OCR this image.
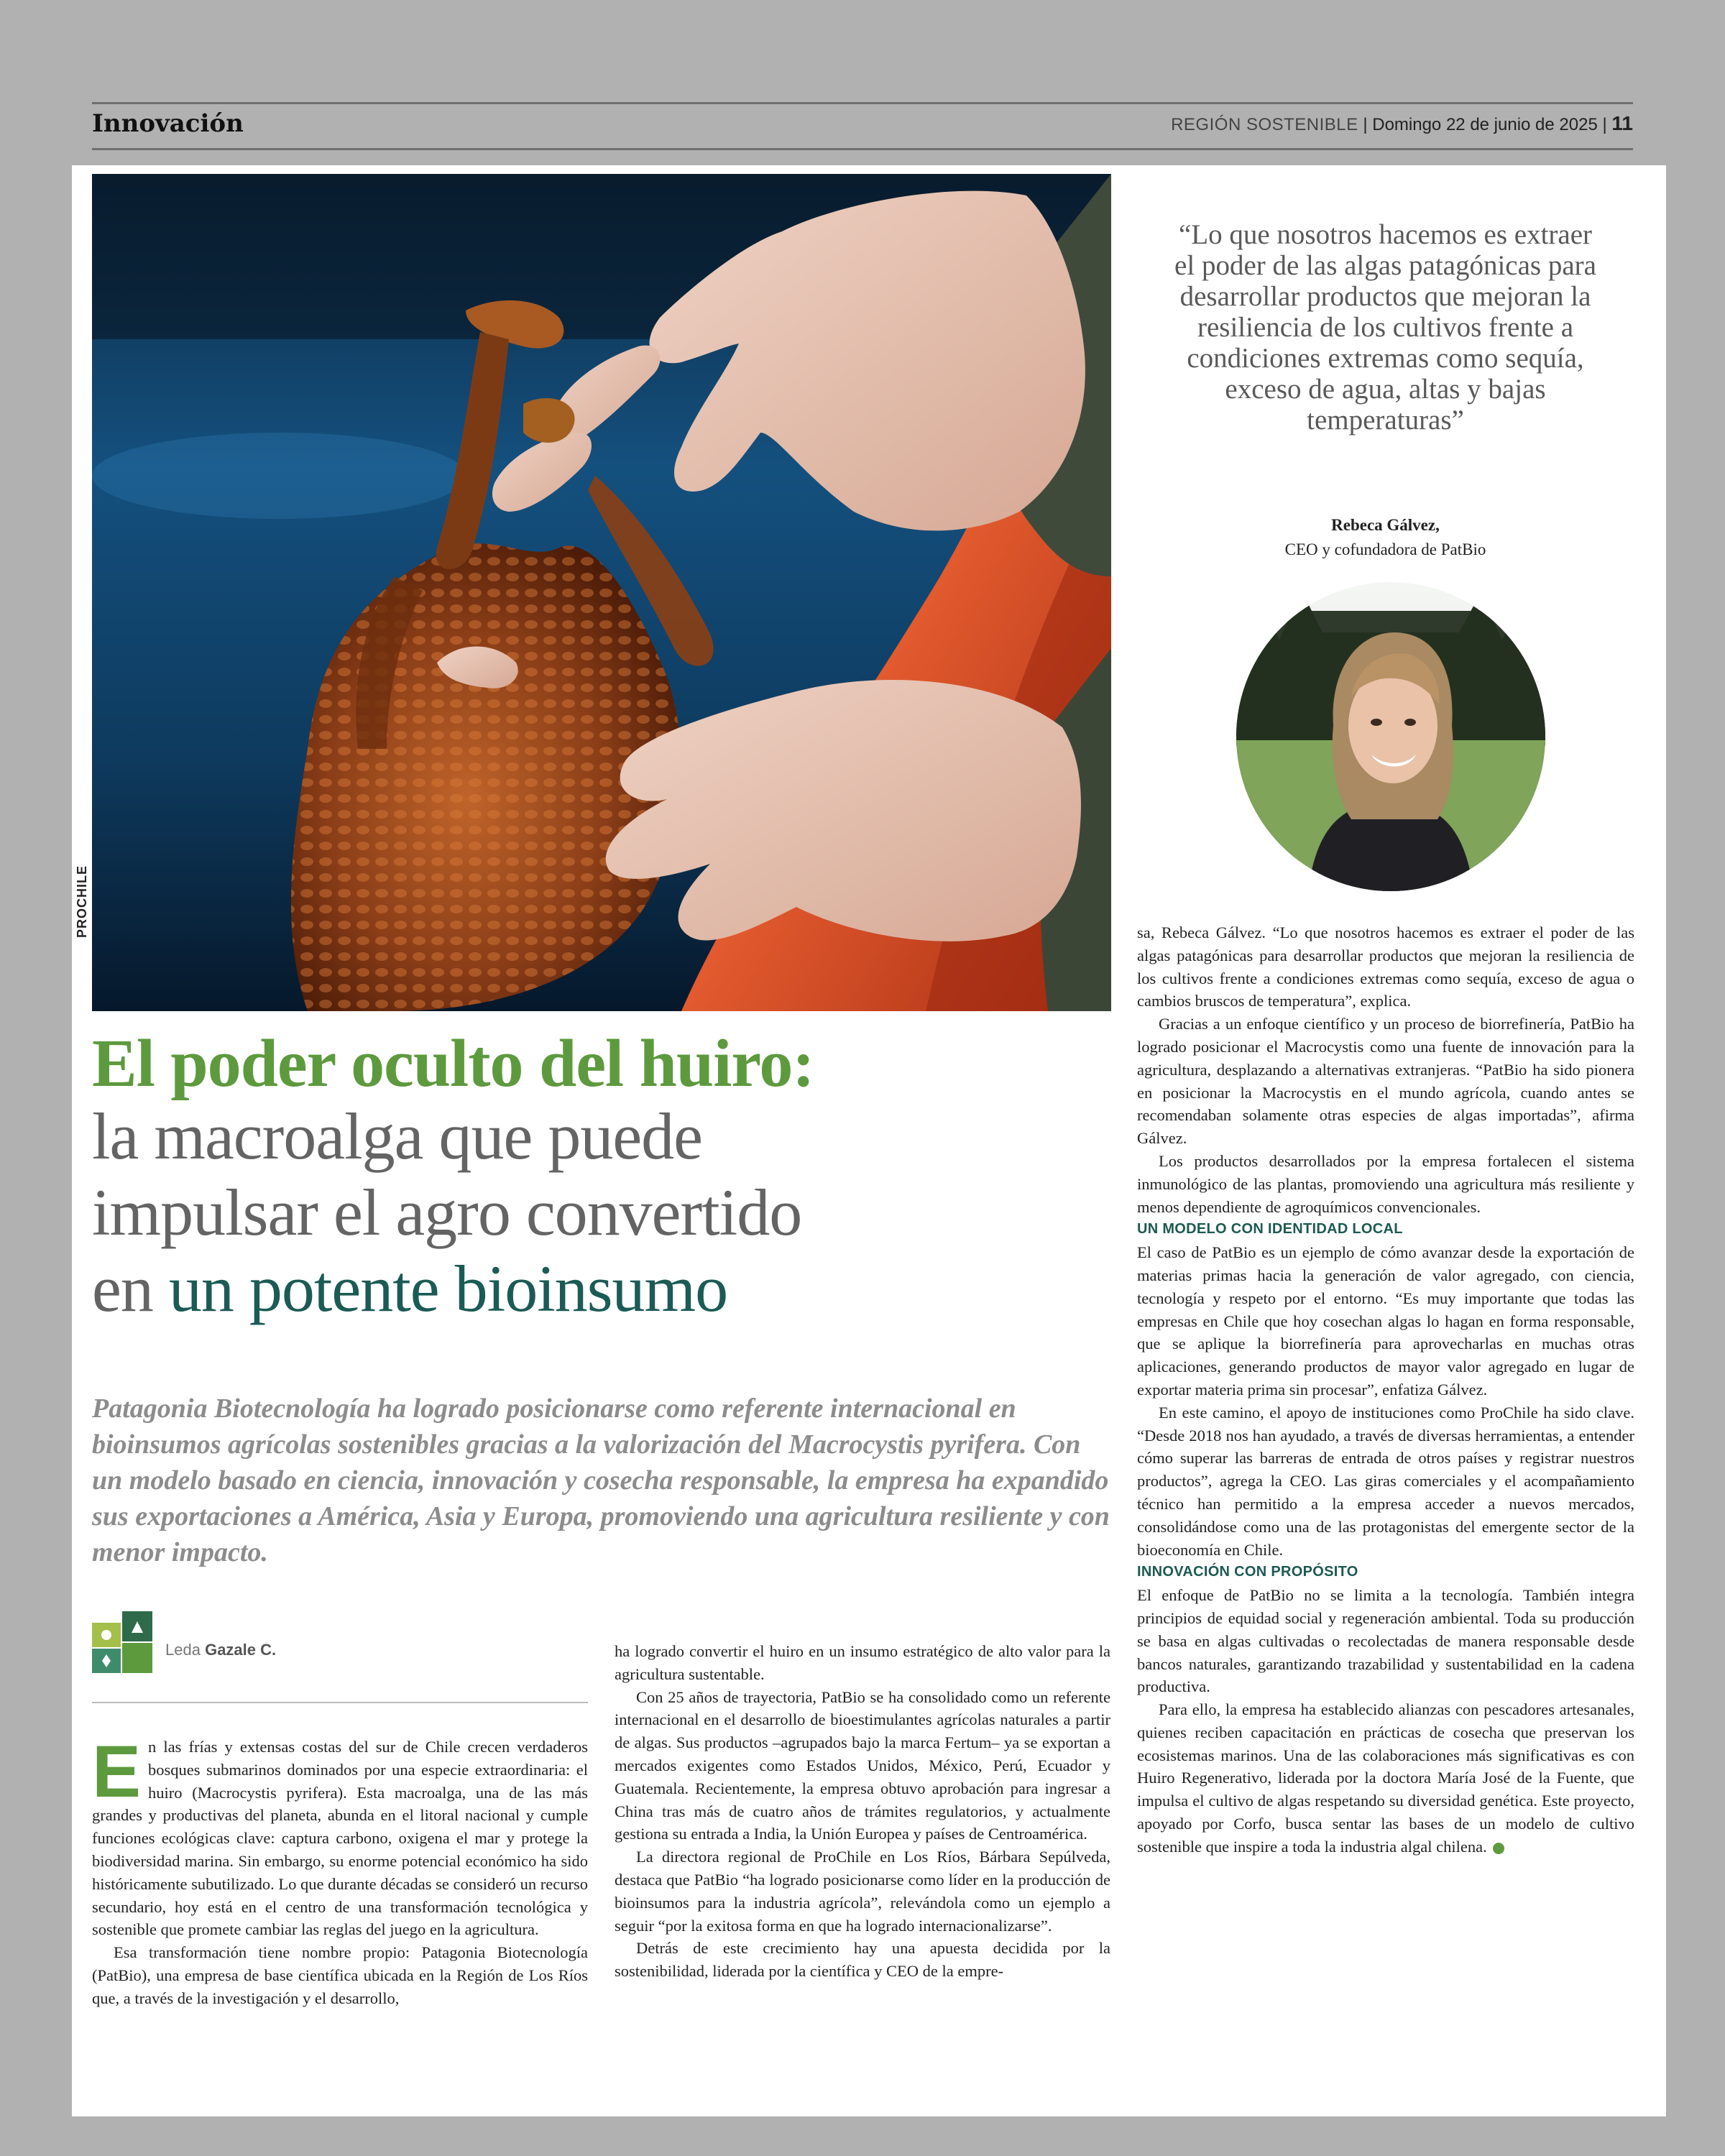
Innovación	REGIÓN SOSTENIBLE | Domingo 22 de junio de 2025 | 11
PROCHILE
“Lo que nosotros hacemos es extraer el poder de las algas patagónicas para desarrollar productos que mejoran la resiliencia de los cultivos frente a condiciones extremas como sequía, exceso de agua, altas y bajas temperaturas”
Rebeca Gálvez,
CEO y cofundadora de PatBio
El poder oculto del huiro:
la macroalga que puede
impulsar el agro convertido
en un potente bioinsumo
Patagonia Biotecnología ha logrado posicionarse como referente internacional en bioinsumos agrícolas sostenibles gracias a la valorización del Macrocystis pyrifera. Con un modelo basado en ciencia, innovación y cosecha responsable, la empresa ha expandido sus exportaciones a América, Asia y Europa, promoviendo una agricultura resiliente y con menor impacto.
Leda Gazale C.

En las frías y extensas costas del sur de Chile crecen verdaderos bosques submarinos dominados por una especie extraordinaria: el huiro (Macrocystis pyrifera). Esta macroalga, una de las más grandes y productivas del planeta, abunda en el litoral nacional y cumple funciones ecológicas clave: captura carbono, oxigena el mar y protege la biodiversidad marina. Sin embargo, su enorme potencial económico ha sido históricamente subutilizado. Lo que durante décadas se consideró un recurso secundario, hoy está en el centro de una transformación tecnológica y sostenible que promete cambiar las reglas del juego en la agricultura.

Esa transformación tiene nombre propio: Patagonia Biotecnología (PatBio), una empresa de base científica ubicada en la Región de Los Ríos que, a través de la investigación y el desarrollo,

ha logrado convertir el huiro en un insumo estratégico de alto valor para la agricultura sustentable.

Con 25 años de trayectoria, PatBio se ha consolidado como un referente internacional en el desarrollo de bioestimulantes agrícolas naturales a partir de algas. Sus productos –agrupados bajo la marca Fertum– ya se exportan a mercados exigentes como Estados Unidos, México, Perú, Ecuador y Guatemala. Recientemente, la empresa obtuvo aprobación para ingresar a China tras más de cuatro años de trámites regulatorios, y actualmente gestiona su entrada a India, la Unión Europea y países de Centroamérica.

La directora regional de ProChile en Los Ríos, Bárbara Sepúlveda, destaca que PatBio “ha logrado posicionarse como líder en la producción de bioinsumos para la industria agrícola”, relevándola como un ejemplo a seguir “por la exitosa forma en que ha logrado internacionalizarse”.

Detrás de este crecimiento hay una apuesta decidida por la sostenibilidad, liderada por la científica y CEO de la empre-

sa, Rebeca Gálvez. “Lo que nosotros hacemos es extraer el poder de las algas patagónicas para desarrollar productos que mejoran la resiliencia de los cultivos frente a condiciones extremas como sequía, exceso de agua o cambios bruscos de temperatura”, explica.

Gracias a un enfoque científico y un proceso de biorrefinería, PatBio ha logrado posicionar el Macrocystis como una fuente de innovación para la agricultura, desplazando a alternativas extranjeras. “PatBio ha sido pionera en posicionar la Macrocystis en el mundo agrícola, cuando antes se recomendaban solamente otras especies de algas importadas”, afirma Gálvez.

Los productos desarrollados por la empresa fortalecen el sistema inmunológico de las plantas, promoviendo una agricultura más resiliente y menos dependiente de agroquímicos convencionales.

UN MODELO CON IDENTIDAD LOCAL

El caso de PatBio es un ejemplo de cómo avanzar desde la exportación de materias primas hacia la generación de valor agregado, con ciencia, tecnología y respeto por el entorno. “Es muy importante que todas las empresas en Chile que hoy cosechan algas lo hagan en forma responsable, que se aplique la biorrefinería para aprovecharlas en muchas otras aplicaciones, generando productos de mayor valor agregado en lugar de exportar materia prima sin procesar”, enfatiza Gálvez.

En este camino, el apoyo de instituciones como ProChile ha sido clave. “Desde 2018 nos han ayudado, a través de diversas herramientas, a entender cómo superar las barreras de entrada de otros países y registrar nuestros productos”, agrega la CEO. Las giras comerciales y el acompañamiento técnico han permitido a la empresa acceder a nuevos mercados, consolidándose como una de las protagonistas del emergente sector de la bioeconomía en Chile.

INNOVACIÓN CON PROPÓSITO

El enfoque de PatBio no se limita a la tecnología. También integra principios de equidad social y regeneración ambiental. Toda su producción se basa en algas cultivadas o recolectadas de manera responsable desde bancos naturales, garantizando trazabilidad y sustentabilidad en la cadena productiva.

Para ello, la empresa ha establecido alianzas con pescadores artesanales, quienes reciben capacitación en prácticas de cosecha que preservan los ecosistemas marinos. Una de las colaboraciones más significativas es con Huiro Regenerativo, liderada por la doctora María José de la Fuente, que impulsa el cultivo de algas respetando su diversidad genética. Este proyecto, apoyado por Corfo, busca sentar las bases de un modelo de cultivo sostenible que inspire a toda la industria algal chilena.
